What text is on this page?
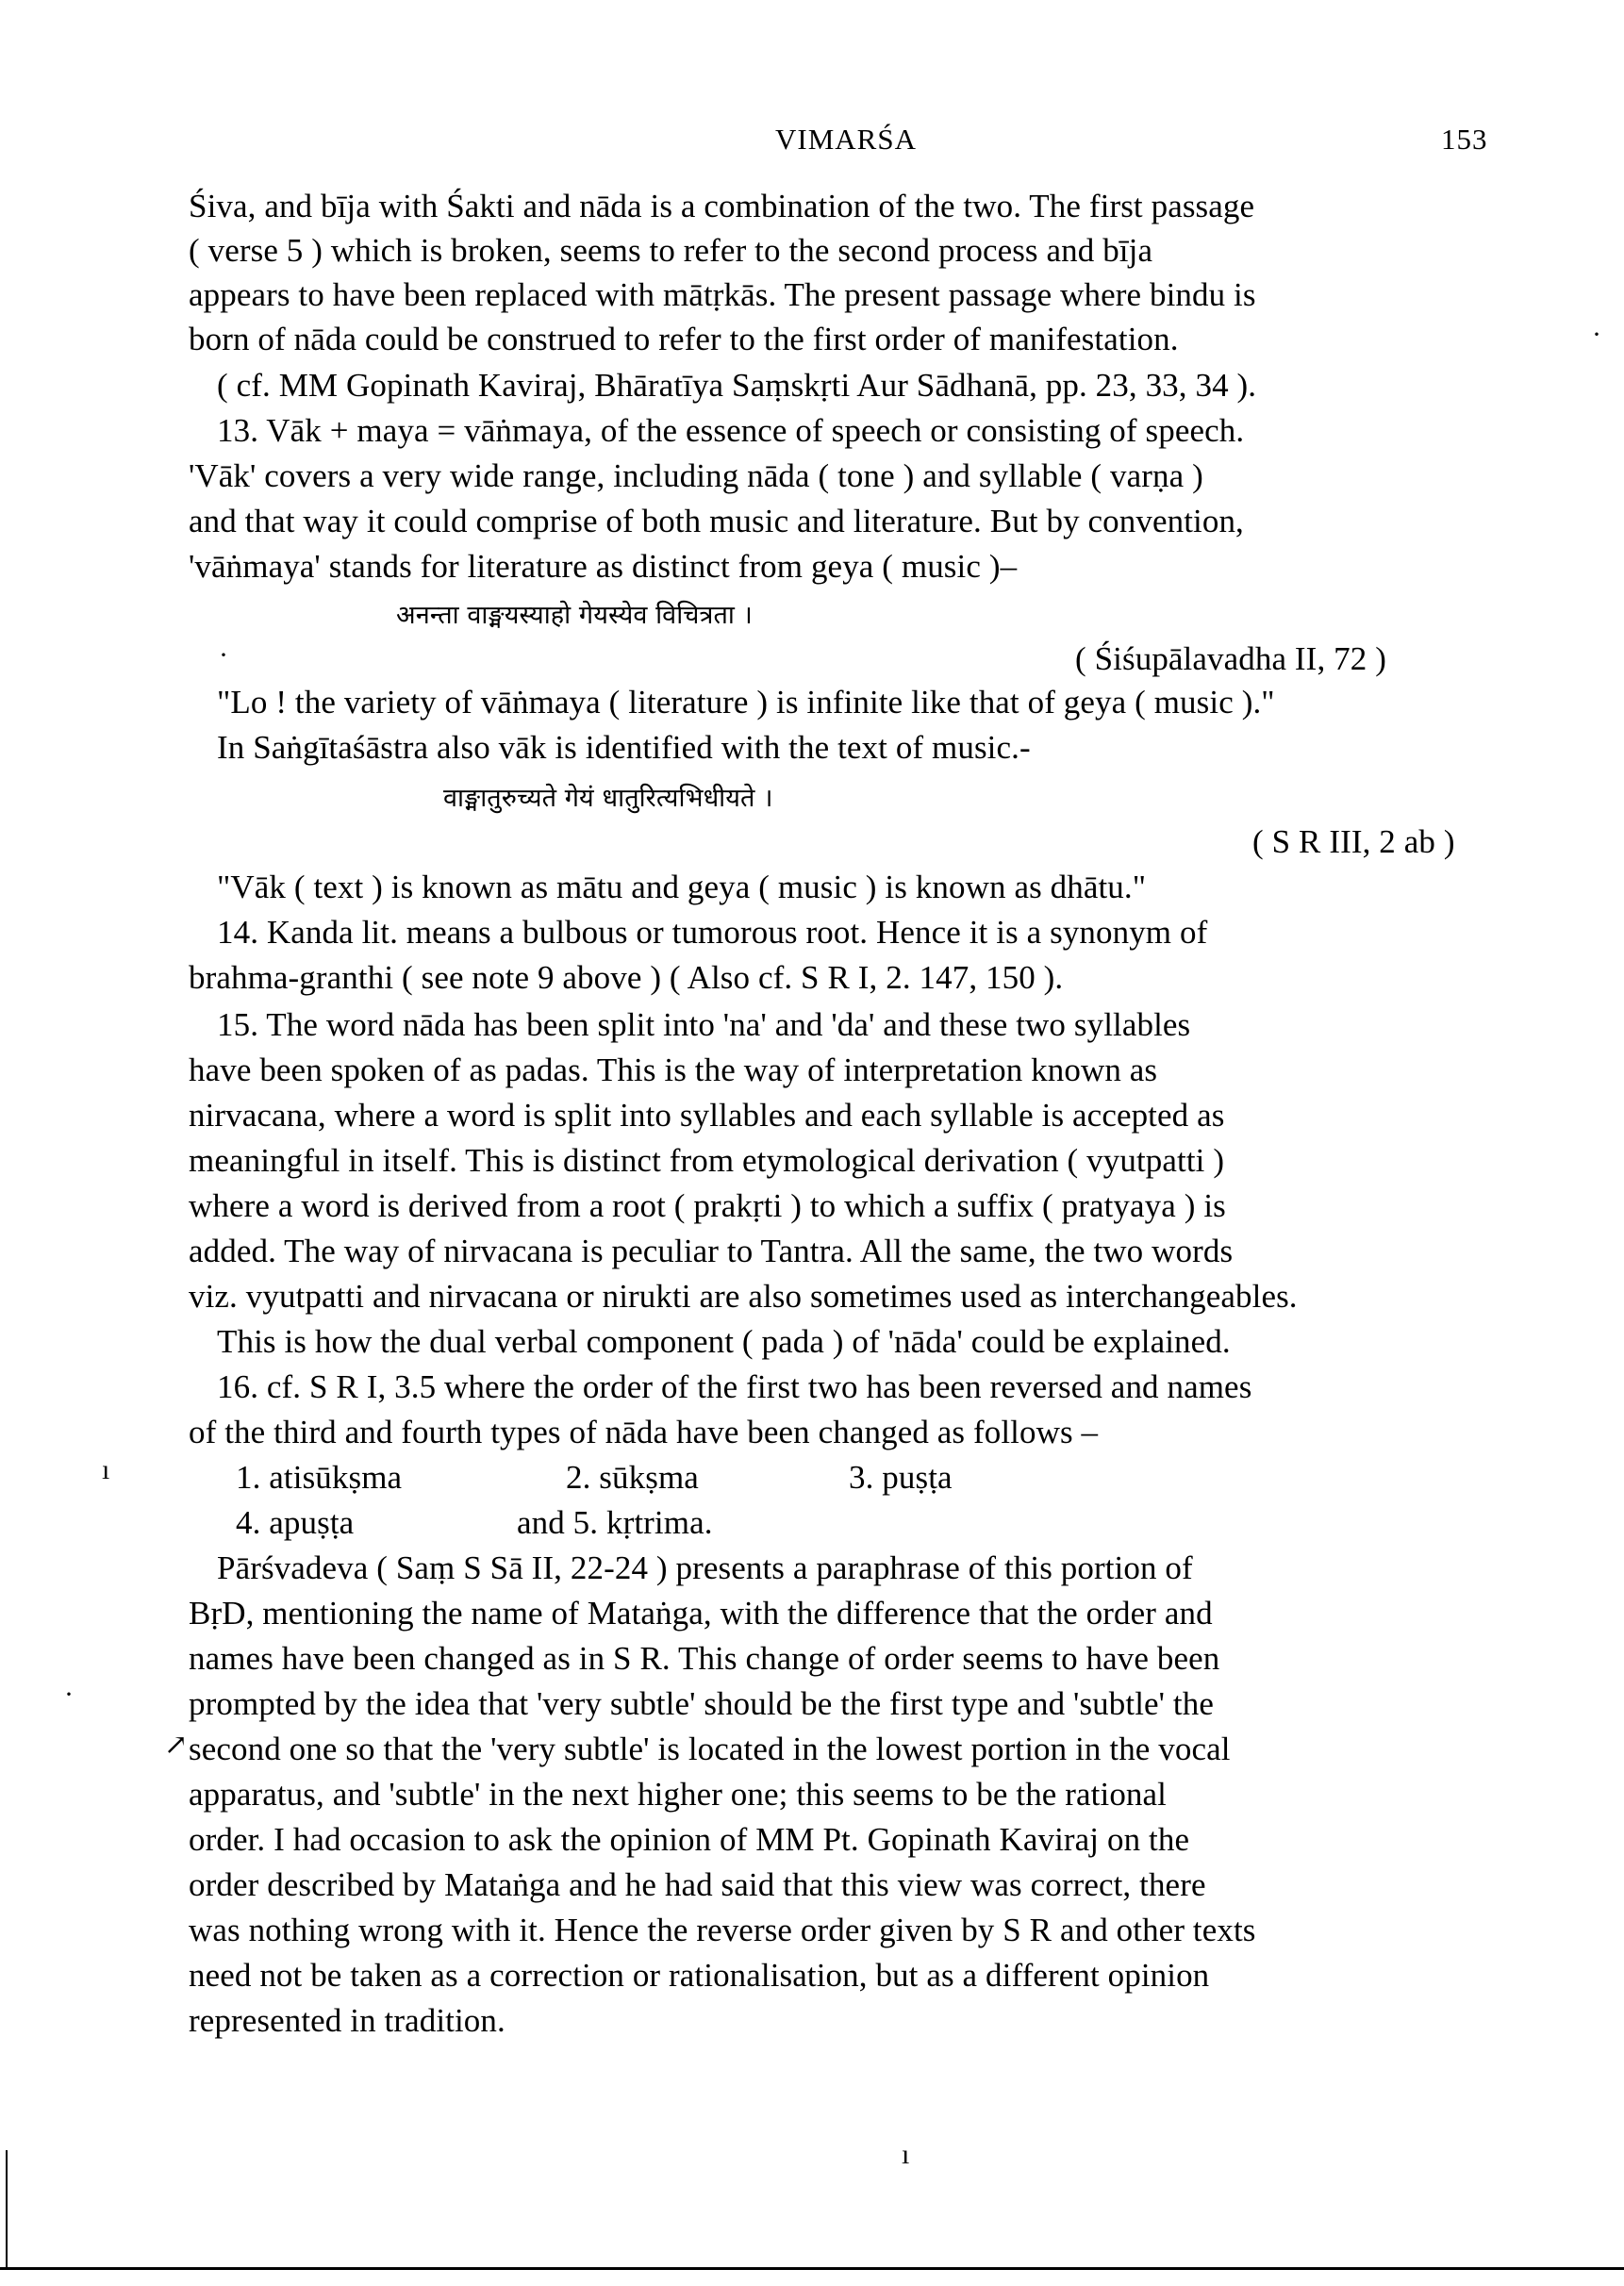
VIMARŚA	153
Śiva, and bīja with Śakti and nāda is a combination of the two. The first passage
( verse 5 ) which is broken, seems to refer to the second process and bīja
appears to have been replaced with mātṛkās. The present passage where bindu is
born of nāda could be construed to refer to the first order of manifestation.
( cf. MM Gopinath Kaviraj, Bhāratīya Saṃskṛti Aur Sādhanā, pp. 23, 33, 34 ).
13. Vāk + maya = vāṅmaya, of the essence of speech or consisting of speech.
'Vāk' covers a very wide range, including nāda ( tone ) and syllable ( varṇa )
and that way it could comprise of both music and literature. But by convention,
'vāṅmaya' stands for literature as distinct from geya ( music )–
अनन्ता वाङ्मयस्याहो गेयस्येव विचित्रता ।
( Śiśupālavadha II, 72 )
"Lo ! the variety of vāṅmaya ( literature ) is infinite like that of geya ( music )."
In Saṅgītaśāstra also vāk is identified with the text of music.-
वाङ्मातुरुच्यते गेयं धातुरित्यभिधीयते ।
( S R III, 2 ab )
"Vāk ( text ) is known as mātu and geya ( music ) is known as dhātu."
14. Kanda lit. means a bulbous or tumorous root. Hence it is a synonym of
brahma-granthi ( see note 9 above ) ( Also cf. S R I, 2. 147, 150 ).
15. The word nāda has been split into 'na' and 'da' and these two syllables
have been spoken of as padas. This is the way of interpretation known as
nirvacana, where a word is split into syllables and each syllable is accepted as
meaningful in itself. This is distinct from etymological derivation ( vyutpatti )
where a word is derived from a root ( prakṛti ) to which a suffix ( pratyaya ) is
added. The way of nirvacana is peculiar to Tantra. All the same, the two words
viz. vyutpatti and nirvacana or nirukti are also sometimes used as interchangeables.
This is how the dual verbal component ( pada ) of 'nāda' could be explained.
16. cf. S R I, 3.5 where the order of the first two has been reversed and names
of the third and fourth types of nāda have been changed as follows –
1. atisūkṣma	2. sūkṣma	3. puṣṭa
4. apuṣṭa	and 5. kṛtrima.
Pārśvadeva ( Saṃ S Sā II, 22-24 ) presents a paraphrase of this portion of
BṛD, mentioning the name of Mataṅga, with the difference that the order and
names have been changed as in S R. This change of order seems to have been
prompted by the idea that 'very subtle' should be the first type and 'subtle' the
second one so that the 'very subtle' is located in the lowest portion in the vocal
apparatus, and 'subtle' in the next higher one; this seems to be the rational
order. I had occasion to ask the opinion of MM Pt. Gopinath Kaviraj on the
order described by Mataṅga and he had said that this view was correct, there
was nothing wrong with it. Hence the reverse order given by S R and other texts
need not be taken as a correction or rationalisation, but as a different opinion
represented in tradition.
·
·
ı
·
↗
ı
